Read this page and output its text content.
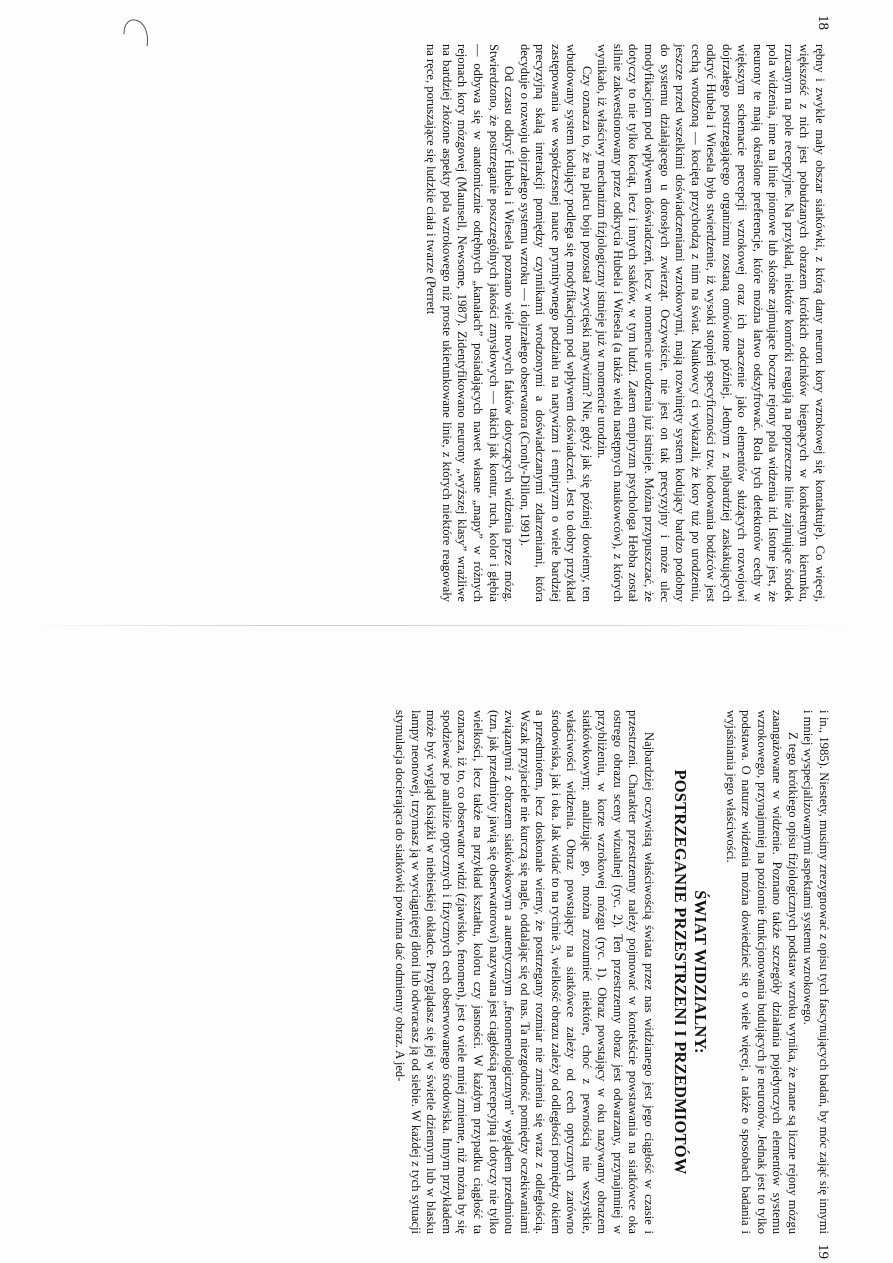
18

rębny i zwykle mały obszar siatkówki, z którą dany neuron kory wzrokowej się kontaktuje). Co więcej, większość z nich jest pobudzanych obrazem krótkich odcinków biegnących w konkretnym kierunku, rzucanym na pole recepcyjne. Na przykład, niektóre komórki reagują na poprzeczne linie zajmujące środek pola widzenia, inne na linie pionowe lub skośne zajmujące boczne rejony pola widzenia itd. Istotne jest, że neurony te mają określone preferencje, które można łatwo odszyfrować. Rola tych detektorów cechy w większym schemacie percepcji wzrokowej oraz ich znaczenie jako elementów służących rozwojowi dojrzałego postrzegającego organizmu zostaną omówione później. Jednym z najbardziej zaskakujących odkryć Hubela i Wiesela było stwierdzenie, iż wysoki stopień specyficzności tzw. kodowania bodźców jest cechą wrodzoną — kocięta przychodzą z nim na świat. Naukowcy ci wykazali, że kory tuż po urodzeniu, jeszcze przed wszelkimi doświadczeniami wzrokowymi, mają rozwinięty system kodujący bardzo podobny do systemu działającego u dorosłych zwierząt. Oczywiście, nie jest on tak precyzyjny i może ulec modyfikacjom pod wpływem doświadczeń, lecz w momencie urodzenia już istnieje. Można przypuszczać, że dotyczy to nie tylko kociąt, lecz i innych ssaków, w tym ludzi. Zatem empiryzm psychologa Hebba został silnie zakwestionowany przez odkrycia Hubela i Wiesela (a także wielu następnych naukowców), z których wynikało, iż właściwy mechanizm fizjologiczny istnieje już w momencie urodzin.

Czy oznacza to, że na placu boju pozostał zwycięski natywizm? Nie, gdyż jak się później dowiemy, ten wbudowany system kodujący podlega się modyfikacjom pod wpływem doświadczeń. Jest to dobry przykład zastępowania we współczesnej nauce prymitywnego podziału na natywizm i empiryzm o wiele bardziej precyzyjną skalą interakcji pomiędzy czynnikami wrodzonymi a doświadczanymi zdarzeniami, która decyduje o rozwoju dojrzałego systemu wzroku — i dojrzałego obserwatora (Cronly-Dillon, 1991).

Od czasu odkryć Hubela i Wiesela poznano wiele nowych faktów dotyczących widzenia przez mózg. Stwierdzono, że postrzeganie poszczególnych jakości zmysłowych — takich jak kontur, ruch, kolor i głębia — odbywa się w anatomicznie odrębnych „kanałach” posiadających nawet własne „mapy” w różnych rejonach kory mózgowej (Maunsell, Newsome, 1987). Zidentyfikowano neurony „wyższej klasy” wrażliwe na bardziej złożone aspekty pola wzrokowego niż proste ukierunkowane linie, z których niektóre reagowały na ręce, poruszające się ludzkie ciała i twarze (Perrett

19

i in., 1985). Niestety, musimy zrezygnować z opisu tych fascynujących badań, by móc zająć się innymi i mniej wyspecjalizowanymi aspektami systemu wzrokowego.

Z tego krótkiego opisu fizjologicznych podstaw wzroku wynika, że znane są liczne rejony mózgu zaangażowane w widzenie. Poznano także szczegóły działania pojedynczych elementów systemu wzrokowego, przynajmniej na poziomie funkcjonowania budujących je neuronów. Jednak jest to tylko podstawa. O naturze widzenia można dowiedzieć się o wiele więcej, a także o sposobach badania i wyjaśniania jego właściwości.

ŚWIAT WIDZIALNY:
POSTRZEGANIE PRZESTRZENI I PRZEDMIOTÓW

Najbardziej oczywistą właściwością świata przez nas widzianego jest jego ciągłość w czasie i przestrzeni. Charakter przestrzenny należy pojmować w kontekście powstawania na siatkówce oka ostrego obrazu sceny wizualnej (ryc. 2). Ten przestrzenny obraz jest odwarzany, przynajmniej w przybliżeniu, w korze wzrokowej mózgu (ryc. 1). Obraz powstający w oku nazywamy obrazem siatkówkowym; analizując go, można zrozumieć niektóre, choć z pewnością nie wszystkie, właściwości widzenia. Obraz powstający na siatkówce zależy od cech optycznych zarówno środowiska, jak i oka. Jak widać to na rycinie 3, wielkość obrazu zależy od odległości pomiędzy okiem a przedmiotem, lecz doskonale wiemy, że postrzegany rozmiar nie zmienia się wraz z odległością. Wszak przyjaciele nie kurczą się nagle, oddalając się od nas. Ta niezgodność pomiędzy oczekiwaniami związanymi z obrazem siatkówkowym a autentycznym „fenomenologicznym” wyglądem przedmiotu (tzn. jak przedmioty jawią się obserwatorowi) nazywana jest ciągłością percepcyjną i dotyczy nie tylko wielkości, lecz także na przykład kształtu, koloru czy jasności. W każdym przypadku ciągłość ta oznacza, iż to, co obserwator widzi (zjawisko, fenomen), jest o wiele mniej zmienne, niż można by się spodziewać po analizie optycznych i fizycznych cech obserwowanego środowiska. Innym przykładem może być wygląd książki w niebieskiej okładce. Przyglądasz się jej w świetle dziennym lub w blasku lampy neonowej, trzymasz ją w wyciągniętej dłoni lub odwracasz ją od siebie. W każdej z tych sytuacji stymulacja docierająca do siatkówki powinna dać odmienny obraz. A jed-
